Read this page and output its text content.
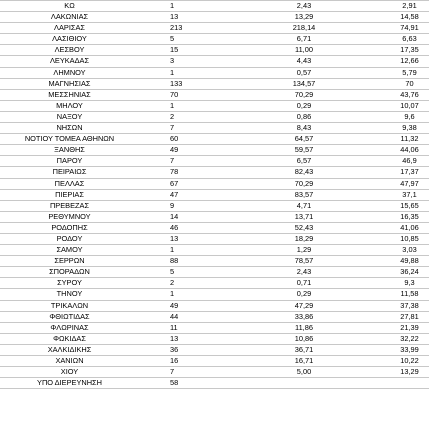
ΚΩ	1	2,43	2,91
ΛΑΚΩΝΙΑΣ	13	13,29	14,58
ΛΑΡΙΣΑΣ	213	218,14	74,91
ΛΑΣΙΘΙΟΥ	5	6,71	6,63
ΛΕΣΒΟΥ	15	11,00	17,35
ΛΕΥΚΑΔΑΣ	3	4,43	12,66
ΛΗΜΝΟΥ	1	0,57	5,79
ΜΑΓΝΗΣΙΑΣ	133	134,57	70
ΜΕΣΣΗΝΙΑΣ	70	70,29	43,76
ΜΗΛΟΥ	1	0,29	10,07
ΝΑΞΟΥ	2	0,86	9,6
ΝΗΣΩΝ	7	8,43	9,38
ΝΟΤΙΟΥ ΤΟΜΕΑ ΑΘΗΝΩΝ	60	64,57	11,32
ΞΑΝΘΗΣ	49	59,57	44,06
ΠΑΡΟΥ	7	6,57	46,9
ΠΕΙΡΑΙΩΣ	78	82,43	17,37
ΠΕΛΛΑΣ	67	70,29	47,97
ΠΙΕΡΙΑΣ	47	83,57	37,1
ΠΡΕΒΕΖΑΣ	9	4,71	15,65
ΡΕΘΥΜΝΟΥ	14	13,71	16,35
ΡΟΔΟΠΗΣ	46	52,43	41,06
ΡΟΔΟΥ	13	18,29	10,85
ΣΑΜΟΥ	1	1,29	3,03
ΣΕΡΡΩΝ	88	78,57	49,88
ΣΠΟΡΑΔΩΝ	5	2,43	36,24
ΣΥΡΟΥ	2	0,71	9,3
ΤΗΝΟΥ	1	0,29	11,58
ΤΡΙΚΑΛΩΝ	49	47,29	37,38
ΦΘΙΩΤΙΔΑΣ	44	33,86	27,81
ΦΛΩΡΙΝΑΣ	11	11,86	21,39
ΦΩΚΙΔΑΣ	13	10,86	32,22
ΧΑΛΚΙΔΙΚΗΣ	36	36,71	33,99
ΧΑΝΙΩΝ	16	16,71	10,22
ΧΙΟΥ	7	5,00	13,29
ΥΠΟ ΔΙΕΡΕΥΝΗΣΗ	58		
